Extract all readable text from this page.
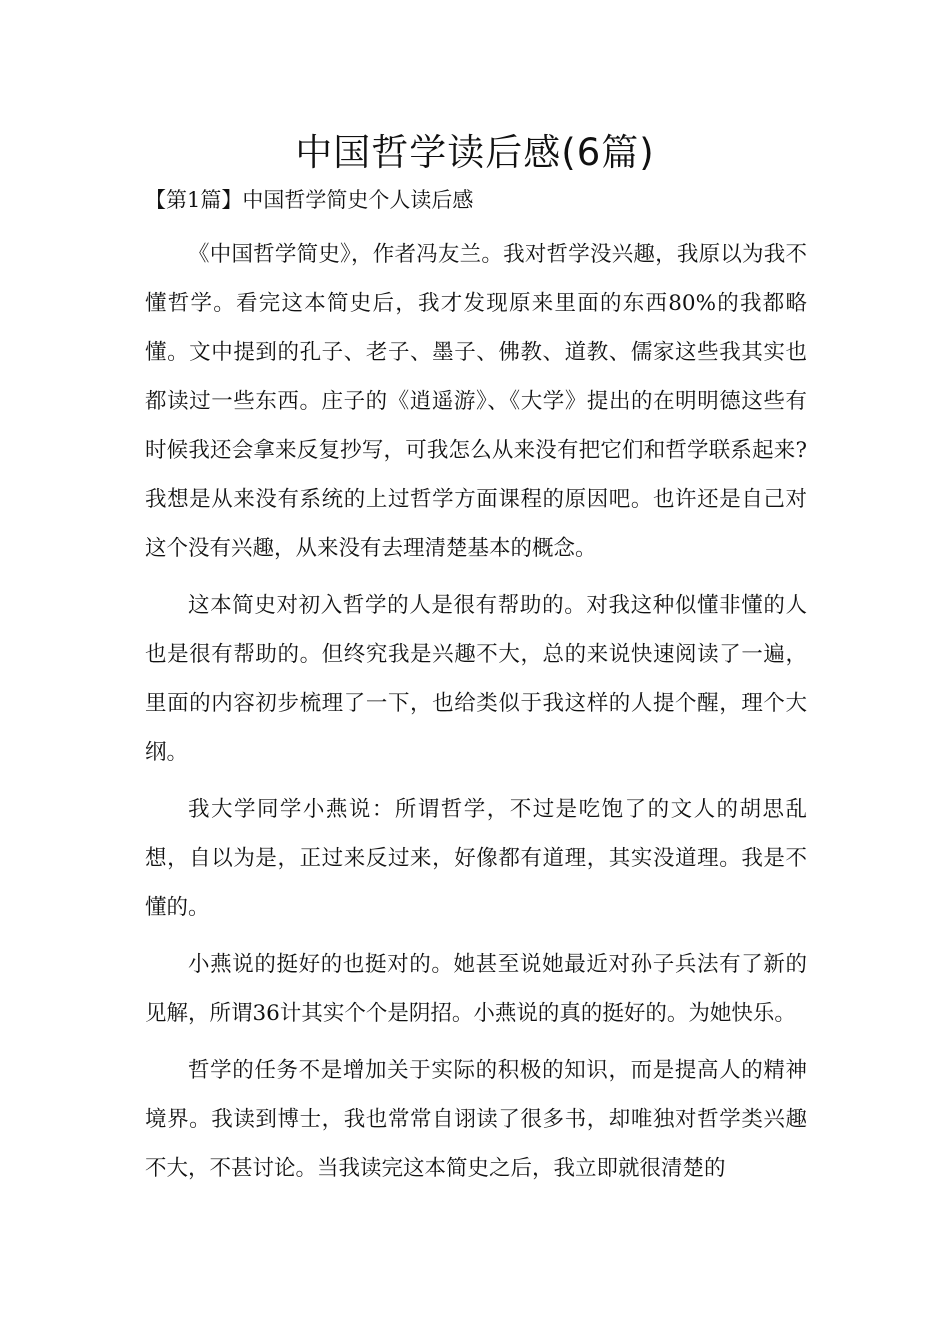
中国哲学读后感(6篇)
【第1篇】中国哲学简史个人读后感

《中国哲学简史》，作者冯友兰。我对哲学没兴趣，我原以为我不懂哲学。看完这本简史后，我才发现原来里面的东西80%的我都略懂。文中提到的孔子、老子、墨子、佛教、道教、儒家这些我其实也都读过一些东西。庄子的《逍遥游》、《大学》提出的在明明德这些有时候我还会拿来反复抄写，可我怎么从来没有把它们和哲学联系起来?我想是从来没有系统的上过哲学方面课程的原因吧。也许还是自己对这个没有兴趣，从来没有去理清楚基本的概念。

这本简史对初入哲学的人是很有帮助的。对我这种似懂非懂的人也是很有帮助的。但终究我是兴趣不大，总的来说快速阅读了一遍，里面的内容初步梳理了一下，也给类似于我这样的人提个醒，理个大纲。

我大学同学小燕说：所谓哲学，不过是吃饱了的文人的胡思乱想，自以为是，正过来反过来，好像都有道理，其实没道理。我是不懂的。

小燕说的挺好的也挺对的。她甚至说她最近对孙子兵法有了新的见解，所谓36计其实个个是阴招。小燕说的真的挺好的。为她快乐。

哲学的任务不是增加关于实际的积极的知识，而是提高人的精神境界。我读到博士，我也常常自诩读了很多书，却唯独对哲学类兴趣不大，不甚讨论。当我读完这本简史之后，我立即就很清楚的
